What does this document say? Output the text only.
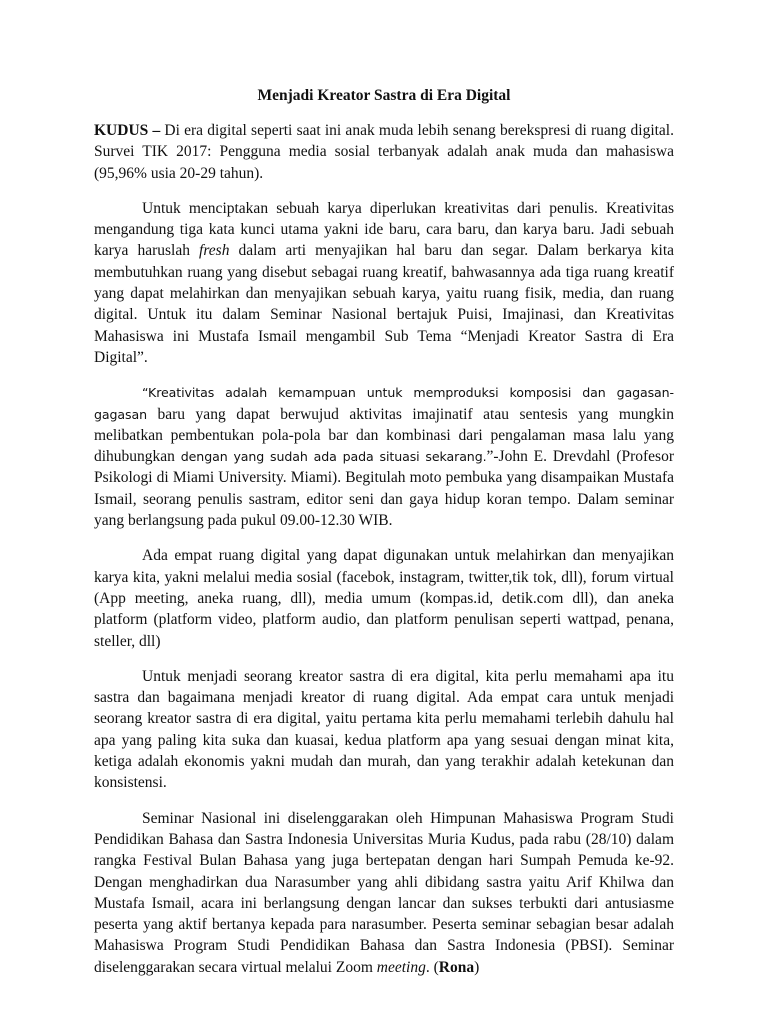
Menjadi Kreator Sastra di Era Digital

KUDUS – Di era digital seperti saat ini anak muda lebih senang berekspresi di ruang digital. Survei TIK 2017: Pengguna media sosial terbanyak adalah anak muda dan mahasiswa (95,96% usia 20-29 tahun).

Untuk menciptakan sebuah karya diperlukan kreativitas dari penulis. Kreativitas mengandung tiga kata kunci utama yakni ide baru, cara baru, dan karya baru. Jadi sebuah karya haruslah fresh dalam arti menyajikan hal baru dan segar. Dalam berkarya kita membutuhkan ruang yang disebut sebagai ruang kreatif, bahwasannya ada tiga ruang kreatif yang dapat melahirkan dan menyajikan sebuah karya, yaitu ruang fisik, media, dan ruang digital. Untuk itu dalam Seminar Nasional bertajuk Puisi, Imajinasi, dan Kreativitas Mahasiswa ini Mustafa Ismail mengambil Sub Tema “Menjadi Kreator Sastra di Era Digital”.

“Kreativitas adalah kemampuan untuk memproduksi komposisi dan gagasan-gagasan baru yang dapat berwujud aktivitas imajinatif atau sentesis yang mungkin melibatkan pembentukan pola-pola bar dan kombinasi dari pengalaman masa lalu yang dihubungkan dengan yang sudah ada pada situasi sekarang.”-John E. Drevdahl (Profesor Psikologi di Miami University. Miami). Begitulah moto pembuka yang disampaikan Mustafa Ismail, seorang penulis sastram, editor seni dan gaya hidup koran tempo. Dalam seminar yang berlangsung pada pukul 09.00-12.30 WIB.

Ada empat ruang digital yang dapat digunakan untuk melahirkan dan menyajikan karya kita, yakni melalui media sosial (facebok, instagram, twitter,tik tok, dll), forum virtual (App meeting, aneka ruang, dll), media umum (kompas.id, detik.com dll), dan aneka platform (platform video, platform audio, dan platform penulisan seperti wattpad, penana, steller, dll)

Untuk menjadi seorang kreator sastra di era digital, kita perlu memahami apa itu sastra dan bagaimana menjadi kreator di ruang digital. Ada empat cara untuk menjadi seorang kreator sastra di era digital, yaitu pertama kita perlu memahami terlebih dahulu hal apa yang paling kita suka dan kuasai, kedua platform apa yang sesuai dengan minat kita, ketiga adalah ekonomis yakni mudah dan murah, dan yang terakhir adalah ketekunan dan konsistensi.

Seminar Nasional ini diselenggarakan oleh Himpunan Mahasiswa Program Studi Pendidikan Bahasa dan Sastra Indonesia Universitas Muria Kudus, pada rabu (28/10) dalam rangka Festival Bulan Bahasa yang juga bertepatan dengan hari Sumpah Pemuda ke-92. Dengan menghadirkan dua Narasumber yang ahli dibidang sastra yaitu Arif Khilwa dan Mustafa Ismail, acara ini berlangsung dengan lancar dan sukses terbukti dari antusiasme peserta yang aktif bertanya kepada para narasumber. Peserta seminar sebagian besar adalah Mahasiswa Program Studi Pendidikan Bahasa dan Sastra Indonesia (PBSI). Seminar diselenggarakan secara virtual melalui Zoom meeting. (Rona)
